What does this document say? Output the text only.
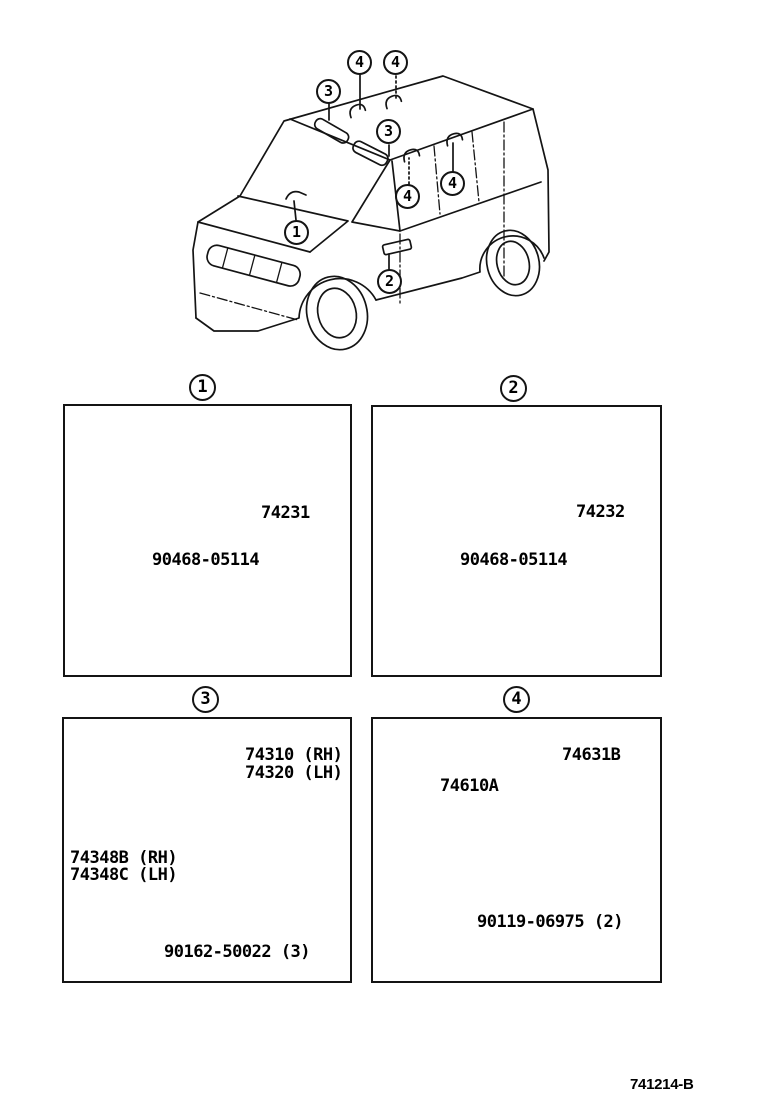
4	4
3
3
4
4
1
2
1	2
3	4
74231
90468-05114
74232
90468-05114
74310 (RH)
74320 (LH)
74348B (RH)
74348C (LH)
90162-50022 (3)
74631B
74610A
90119-06975 (2)
741214-B
